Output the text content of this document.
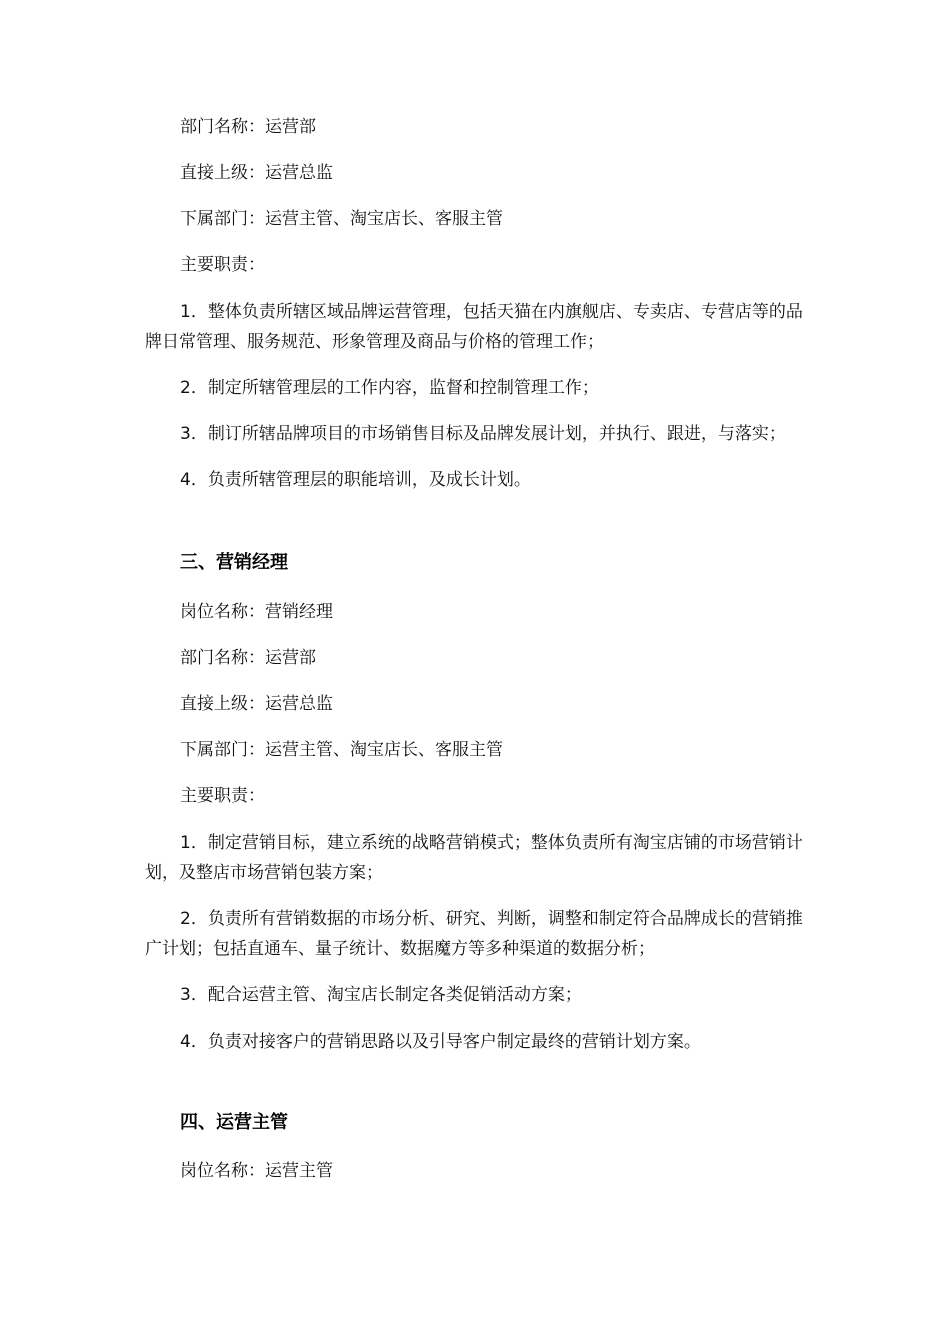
部门名称：运营部

直接上级：运营总监

下属部门：运营主管、淘宝店长、客服主管

主要职责：

1．整体负责所辖区域品牌运营管理，包括天猫在内旗舰店、专卖店、专营店等的品牌日常管理、服务规范、形象管理及商品与价格的管理工作；

2．制定所辖管理层的工作内容，监督和控制管理工作；

3．制订所辖品牌项目的市场销售目标及品牌发展计划，并执行、跟进，与落实；

4．负责所辖管理层的职能培训，及成长计划。

三、营销经理

岗位名称：营销经理

部门名称：运营部

直接上级：运营总监

下属部门：运营主管、淘宝店长、客服主管

主要职责：

1．制定营销目标，建立系统的战略营销模式；整体负责所有淘宝店铺的市场营销计划，及整店市场营销包装方案；

2．负责所有营销数据的市场分析、研究、判断，调整和制定符合品牌成长的营销推广计划；包括直通车、量子统计、数据魔方等多种渠道的数据分析；

3．配合运营主管、淘宝店长制定各类促销活动方案；

4．负责对接客户的营销思路以及引导客户制定最终的营销计划方案。

四、运营主管

岗位名称：运营主管
